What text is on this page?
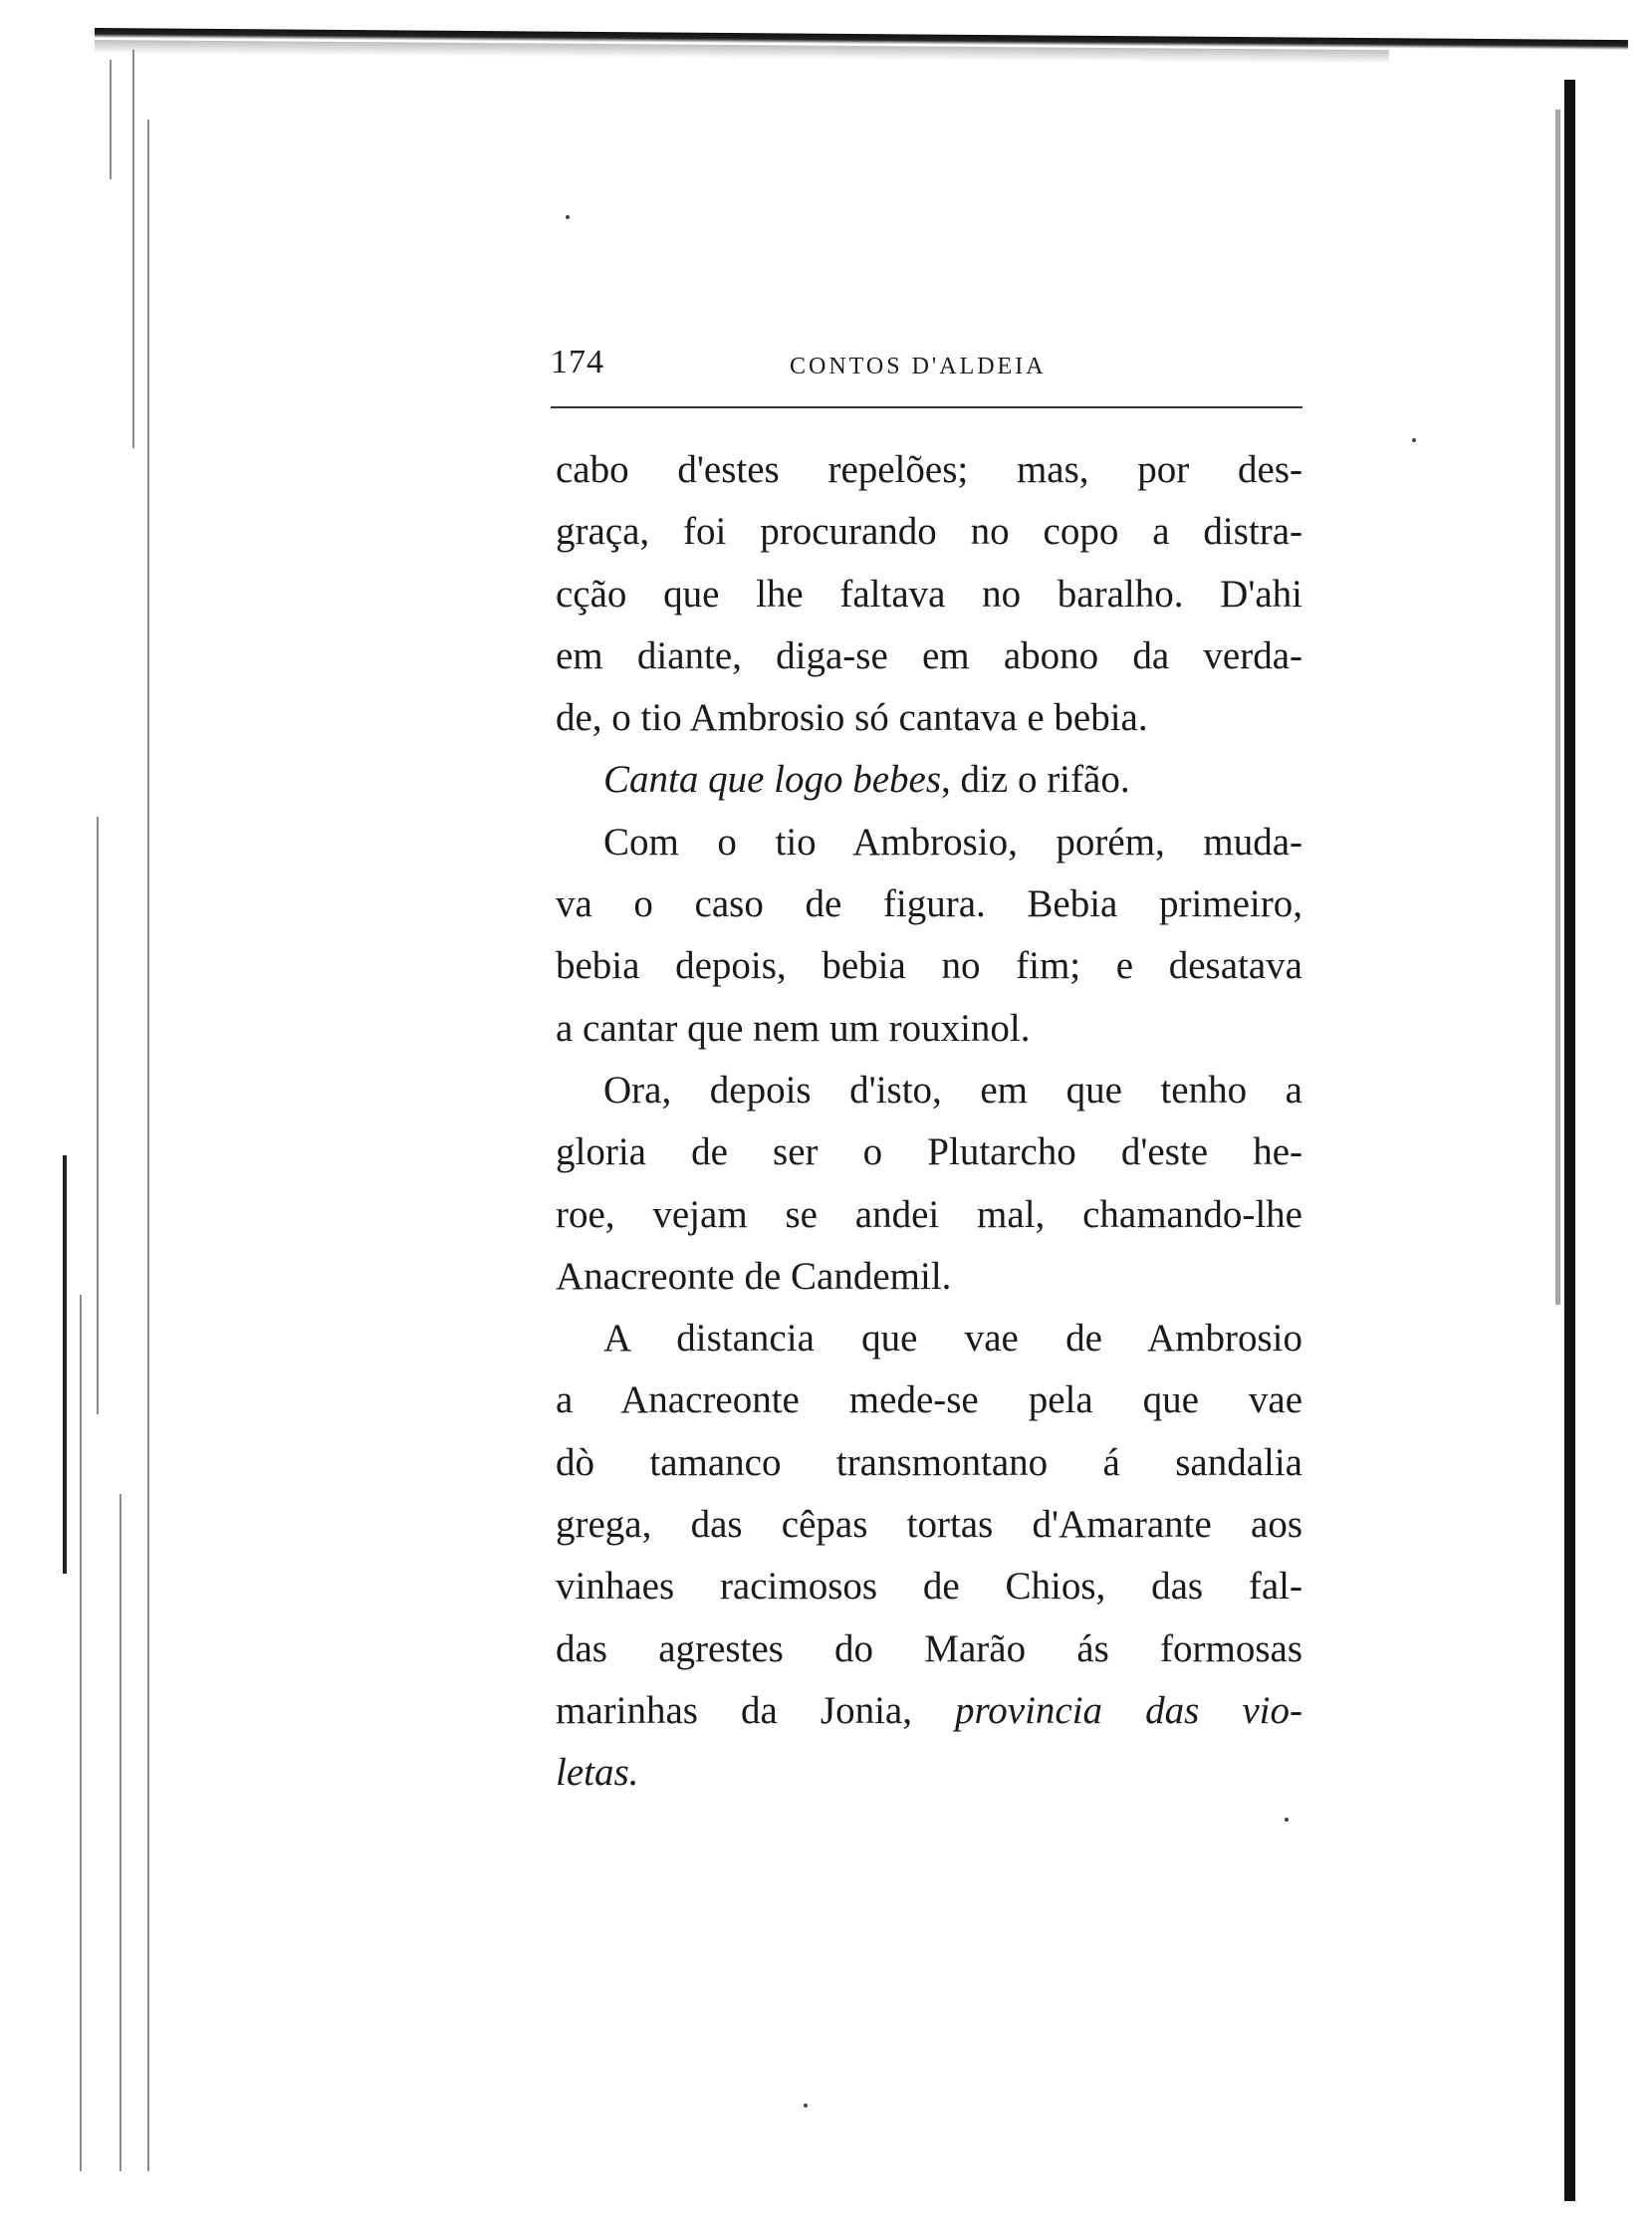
174	CONTOS D'ALDEIA
cabo d'estes repelões; mas, por des-
graça, foi procurando no copo a distra-
cção que lhe faltava no baralho. D'ahi
em diante, diga-se em abono da verda-
de, o tio Ambrosio só cantava e bebia.
Canta que logo bebes, diz o rifão.
Com o tio Ambrosio, porém, muda-
va o caso de figura. Bebia primeiro,
bebia depois, bebia no fim; e desatava
a cantar que nem um rouxinol.
Ora, depois d'isto, em que tenho a
gloria de ser o Plutarcho d'este he-
roe, vejam se andei mal, chamando-lhe
Anacreonte de Candemil.
A distancia que vae de Ambrosio
a Anacreonte mede-se pela que vae
dò tamanco transmontano á sandalia
grega, das cêpas tortas d'Amarante aos
vinhaes racimosos de Chios, das fal-
das agrestes do Marão ás formosas
marinhas da Jonia, provincia das vio-
letas.
